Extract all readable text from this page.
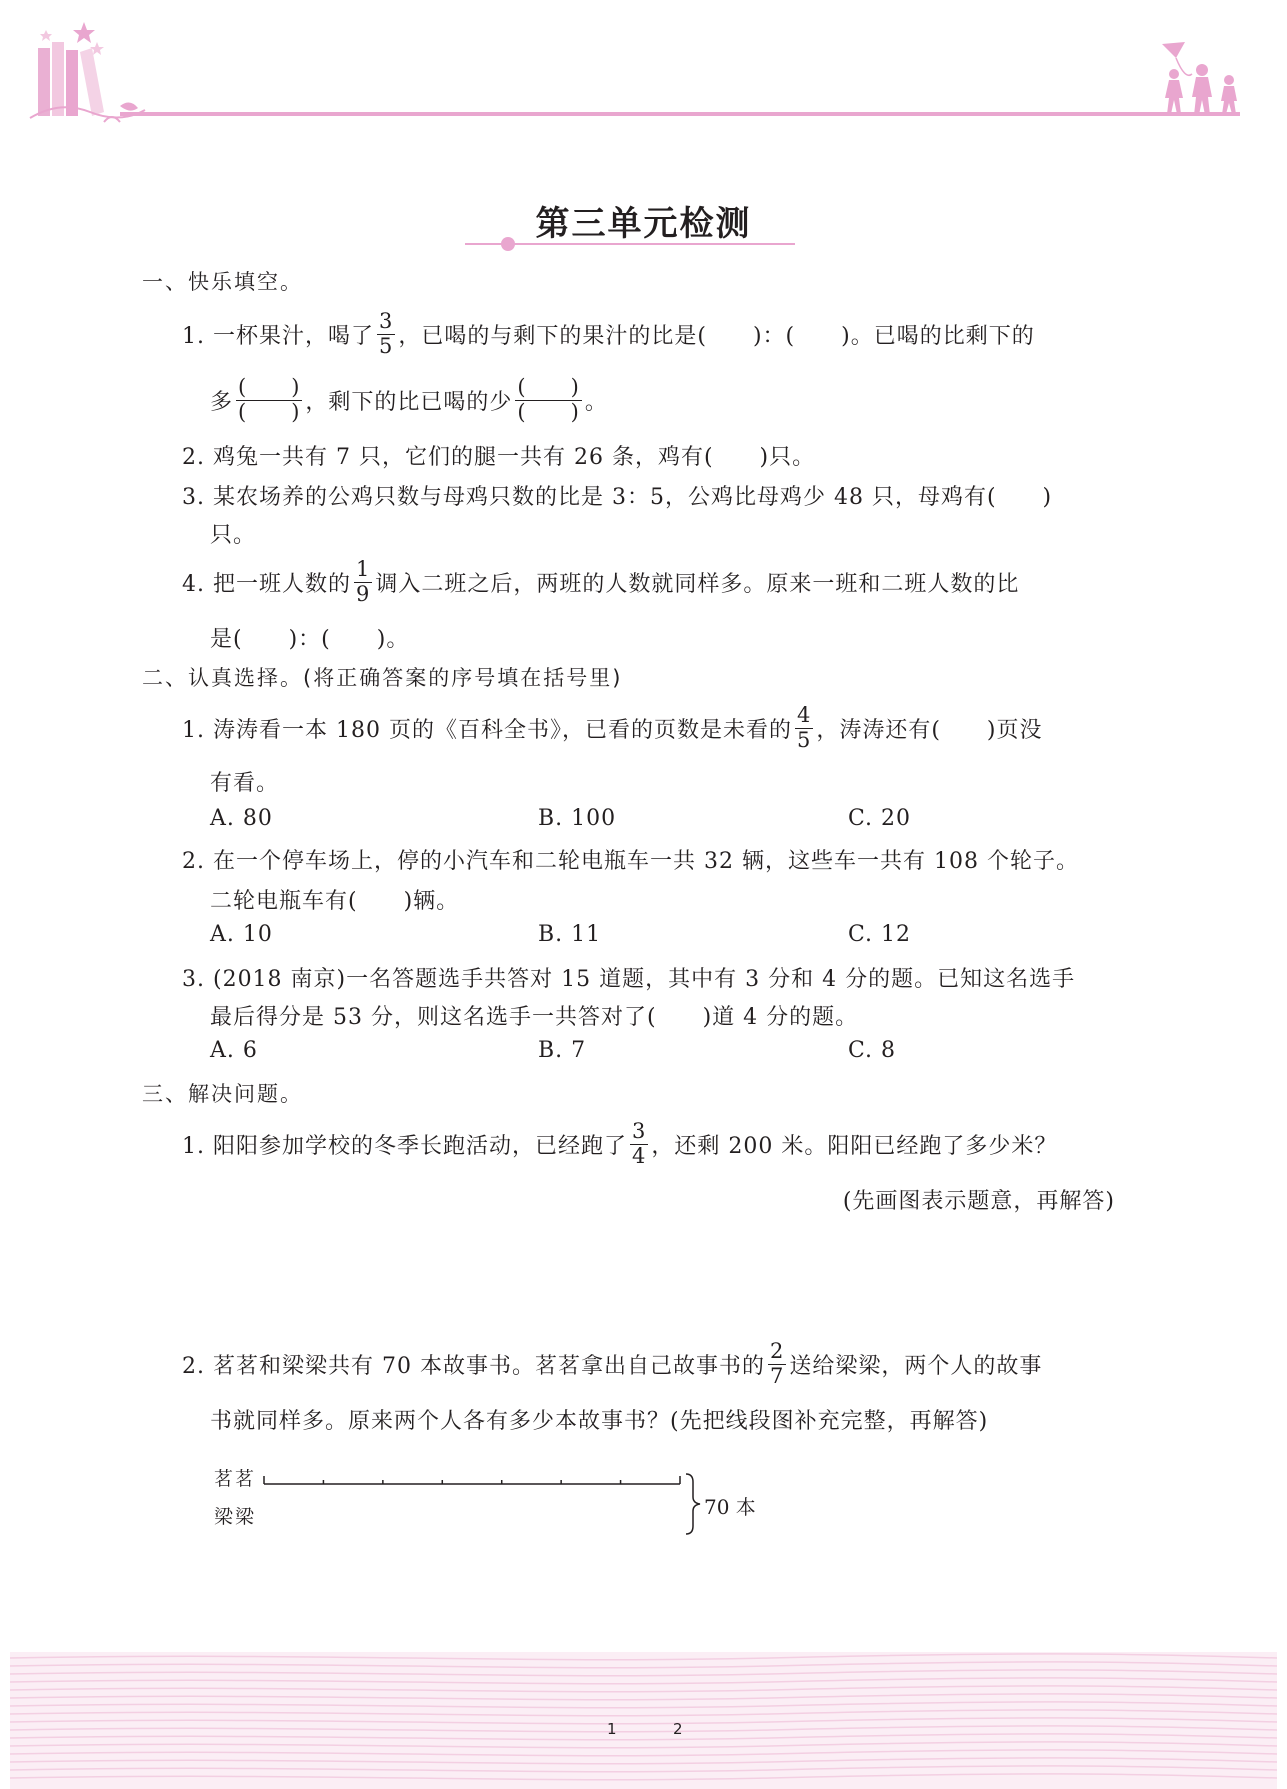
第三单元检测
一、快乐填空。
1. 一杯果汁，喝了 $\frac{3}{5}$ ，已喝的与剩下的果汁的比是(　　)：(　　)。已喝的比剩下的
多 $\frac{( )}{( )}$ ，剩下的比已喝的少 $\frac{( )}{( )}$ 。
2. 鸡兔一共有 7 只，它们的腿一共有 26 条，鸡有(　　)只。
3. 某农场养的公鸡只数与母鸡只数的比是 3：5，公鸡比母鸡少 48 只，母鸡有(　　)
只。
4. 把一班人数的 $\frac{1}{9}$ 调入二班之后，两班的人数就同样多。原来一班和二班人数的比
是(　　)：(　　)。
二、认真选择。(将正确答案的序号填在括号里)
1. 涛涛看一本 180 页的《百科全书》，已看的页数是未看的 $\frac{4}{5}$ ，涛涛还有(　　)页没
有看。
A. 80	B. 100	C. 20
2. 在一个停车场上，停的小汽车和二轮电瓶车一共 32 辆，这些车一共有 108 个轮子。
二轮电瓶车有(　　)辆。
A. 10	B. 11	C. 12
3. (2018 南京)一名答题选手共答对 15 道题，其中有 3 分和 4 分的题。已知这名选手
最后得分是 53 分，则这名选手一共答对了(　　)道 4 分的题。
A. 6	B. 7	C. 8
三、解决问题。
1. 阳阳参加学校的冬季长跑活动，已经跑了 $\frac{3}{4}$ ，还剩 200 米。阳阳已经跑了多少米？
(先画图表示题意，再解答)
2. 茗茗和梁梁共有 70 本故事书。茗茗拿出自己故事书的 $\frac{2}{7}$ 送给梁梁，两个人的故事
书就同样多。原来两个人各有多少本故事书？(先把线段图补充完整，再解答)
茗茗
梁梁	70 本
1	2
